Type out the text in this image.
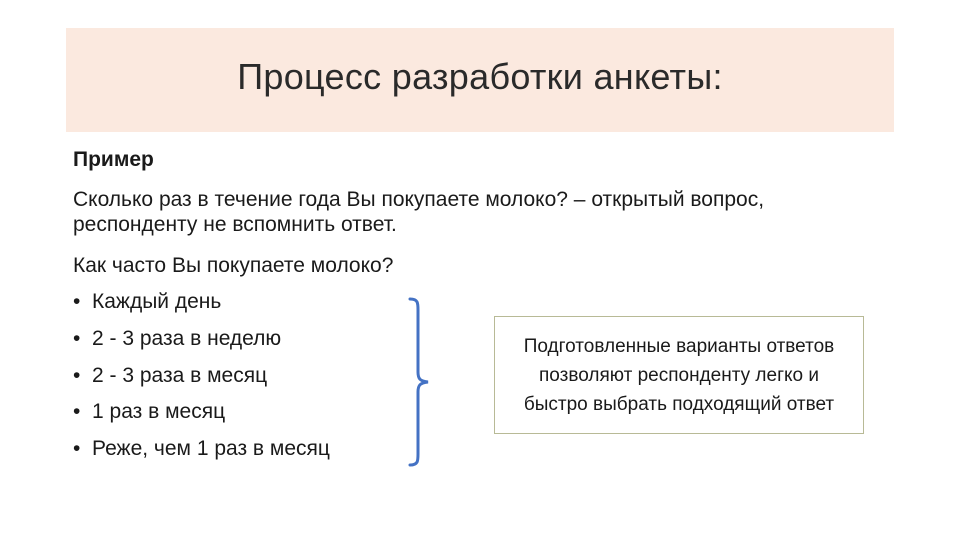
Процесс разработки анкеты:
Пример
Сколько раз в течение года Вы покупаете молоко? – открытый вопрос, респонденту не вспомнить ответ.
Как часто Вы покупаете молоко?
• Каждый день
• 2 - 3 раза в неделю
• 2 - 3 раза в месяц
• 1 раз в месяц
• Реже, чем 1 раз в месяц
Подготовленные варианты ответов позволяют респонденту легко и быстро выбрать подходящий ответ
